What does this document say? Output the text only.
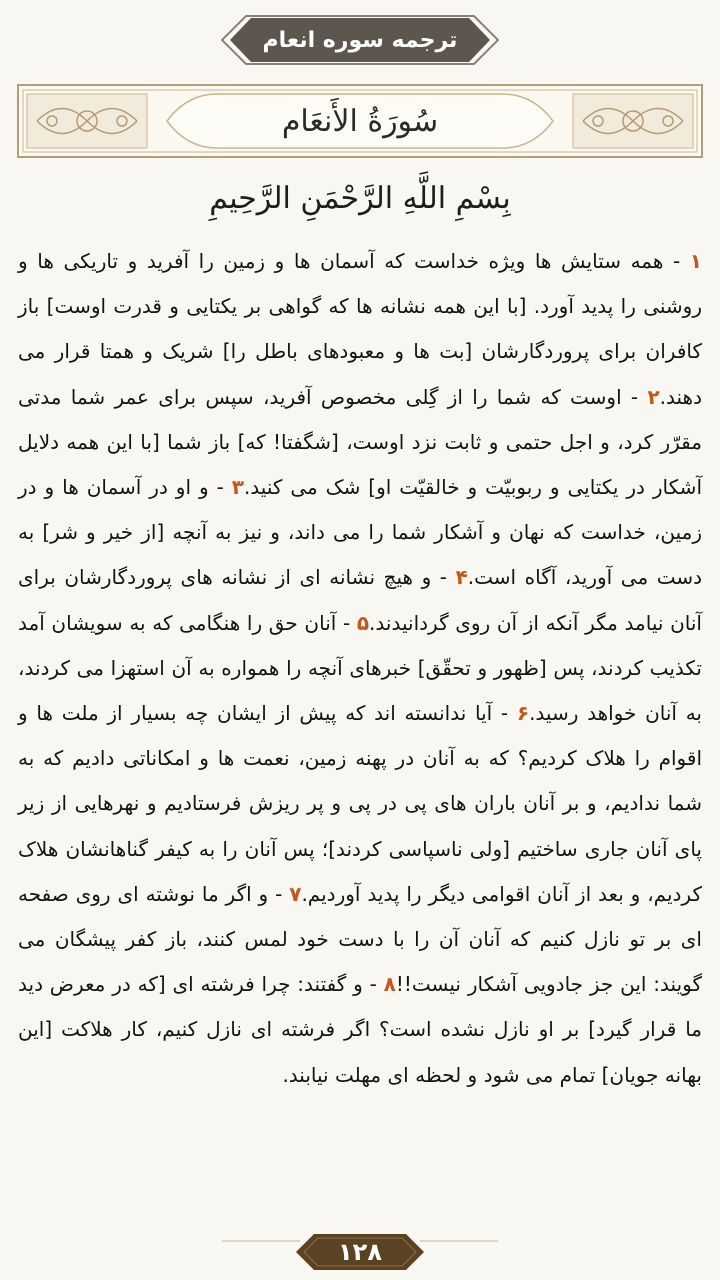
ترجمه سوره انعام
سُورَةُ الأَنعَام
بِسْمِ اللَّهِ الرَّحْمَنِ الرَّحِيمِ
۱ - همه ستایش ها ویژه خداست که آسمان ها و زمین را آفرید و تاریکی ها و روشنی را پدید آورد. [با این همه نشانه ها که گواهی بر یکتایی و قدرت اوست] باز کافران برای پروردگارشان [بت ها و معبودهای باطل را] شریک و همتا قرار می دهند.۲ - اوست که شما را از گِلی مخصوص آفرید، سپس برای عمر شما مدتی مقرّر کرد، و اجل حتمی و ثابت نزد اوست، [شگفتا! که] باز شما [با این همه دلایل آشکار در یکتایی و ربوبیّت و خالقیّت او] شک می کنید.۳ - و او در آسمان ها و در زمین، خداست که نهان و آشکار شما را می داند، و نیز به آنچه [از خیر و شر] به دست می آورید، آگاه است.۴ - و هیچ نشانه ای از نشانه های پروردگارشان برای آنان نیامد مگر آنکه از آن روی گردانیدند.۵ - آنان حق را هنگامی که به سویشان آمد تکذیب کردند، پس [ظهور و تحقّق] خبرهای آنچه را همواره به آن استهزا می کردند، به آنان خواهد رسید.۶ - آیا ندانسته اند که پیش از ایشان چه بسیار از ملت ها و اقوام را هلاک کردیم؟ که به آنان در پهنه زمین، نعمت ها و امکاناتی دادیم که به شما ندادیم، و بر آنان باران های پی در پی و پر ریزش فرستادیم و نهرهایی از زیر پای آنان جاری ساختیم [ولی ناسپاسی کردند]؛ پس آنان را به کیفر گناهانشان هلاک کردیم، و بعد از آنان اقوامی دیگر را پدید آوردیم.۷ - و اگر ما نوشته ای روی صفحه ای بر تو نازل کنیم که آنان آن را با دست خود لمس کنند، باز کفر پیشگان می گویند: این جز جادویی آشکار نیست!!۸ - و گفتند: چرا فرشته ای [که در معرض دید ما قرار گیرد] بر او نازل نشده است؟ اگر فرشته ای نازل کنیم، کار هلاکت [این بهانه جویان] تمام می شود و لحظه ای مهلت نیابند.
۱۲۸
